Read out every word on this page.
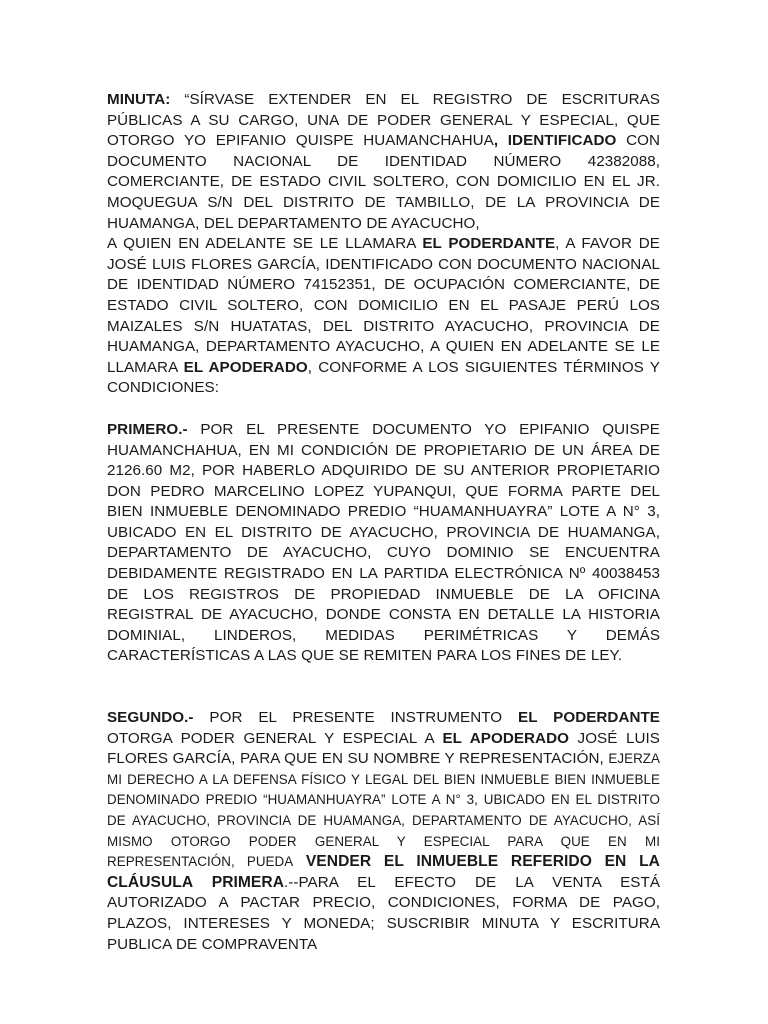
MINUTA: “SÍRVASE EXTENDER EN EL REGISTRO DE ESCRITURAS PÚBLICAS A SU CARGO, UNA DE PODER GENERAL Y ESPECIAL, QUE OTORGO YO EPIFANIO QUISPE HUAMANCHAHUA, IDENTIFICADO CON DOCUMENTO NACIONAL DE IDENTIDAD NÚMERO 42382088, COMERCIANTE, DE ESTADO CIVIL SOLTERO, CON DOMICILIO EN EL JR. MOQUEGUA S/N DEL DISTRITO DE TAMBILLO, DE LA PROVINCIA DE HUAMANGA, DEL DEPARTAMENTO DE AYACUCHO,

A QUIEN EN ADELANTE SE LE LLAMARA EL PODERDANTE, A FAVOR DE JOSÉ LUIS FLORES GARCÍA, IDENTIFICADO CON DOCUMENTO NACIONAL DE IDENTIDAD NÚMERO 74152351, DE OCUPACIÓN COMERCIANTE, DE ESTADO CIVIL SOLTERO, CON DOMICILIO EN EL PASAJE PERÚ LOS MAIZALES S/N HUATATAS, DEL DISTRITO AYACUCHO, PROVINCIA DE HUAMANGA, DEPARTAMENTO AYACUCHO, A QUIEN EN ADELANTE SE LE LLAMARA EL APODERADO, CONFORME A LOS SIGUIENTES TÉRMINOS Y CONDICIONES:

PRIMERO.- POR EL PRESENTE DOCUMENTO YO EPIFANIO QUISPE HUAMANCHAHUA, EN MI CONDICIÓN DE PROPIETARIO DE UN ÁREA DE 2126.60 M2, POR HABERLO ADQUIRIDO DE SU ANTERIOR PROPIETARIO DON PEDRO MARCELINO LOPEZ YUPANQUI, QUE FORMA PARTE DEL BIEN INMUEBLE DENOMINADO PREDIO “HUAMANHUAYRA” LOTE A N° 3, UBICADO EN EL DISTRITO DE AYACUCHO, PROVINCIA DE HUAMANGA, DEPARTAMENTO DE AYACUCHO, CUYO DOMINIO SE ENCUENTRA DEBIDAMENTE REGISTRADO EN LA PARTIDA ELECTRÓNICA Nº 40038453 DE LOS REGISTROS DE PROPIEDAD INMUEBLE DE LA OFICINA REGISTRAL DE AYACUCHO, DONDE CONSTA EN DETALLE LA HISTORIA DOMINIAL, LINDEROS, MEDIDAS PERIMÉTRICAS Y DEMÁS CARACTERÍSTICAS A LAS QUE SE REMITEN PARA LOS FINES DE LEY.

SEGUNDO.- POR EL PRESENTE INSTRUMENTO EL PODERDANTE OTORGA PODER GENERAL Y ESPECIAL A EL APODERADO JOSÉ LUIS FLORES GARCÍA, PARA QUE EN SU NOMBRE Y REPRESENTACIÓN, EJERZA MI DERECHO A LA DEFENSA FÍSICO Y LEGAL DEL BIEN INMUEBLE BIEN INMUEBLE DENOMINADO PREDIO “HUAMANHUAYRA” LOTE A N° 3, UBICADO EN EL DISTRITO DE AYACUCHO, PROVINCIA DE HUAMANGA, DEPARTAMENTO DE AYACUCHO, ASÍ MISMO OTORGO PODER GENERAL Y ESPECIAL PARA QUE EN MI REPRESENTACIÓN, PUEDA VENDER EL INMUEBLE REFERIDO EN LA CLÁUSULA PRIMERA.--PARA EL EFECTO DE LA VENTA ESTÁ AUTORIZADO A PACTAR PRECIO, CONDICIONES, FORMA DE PAGO, PLAZOS, INTERESES Y MONEDA; SUSCRIBIR MINUTA Y ESCRITURA PUBLICA DE COMPRAVENTA
